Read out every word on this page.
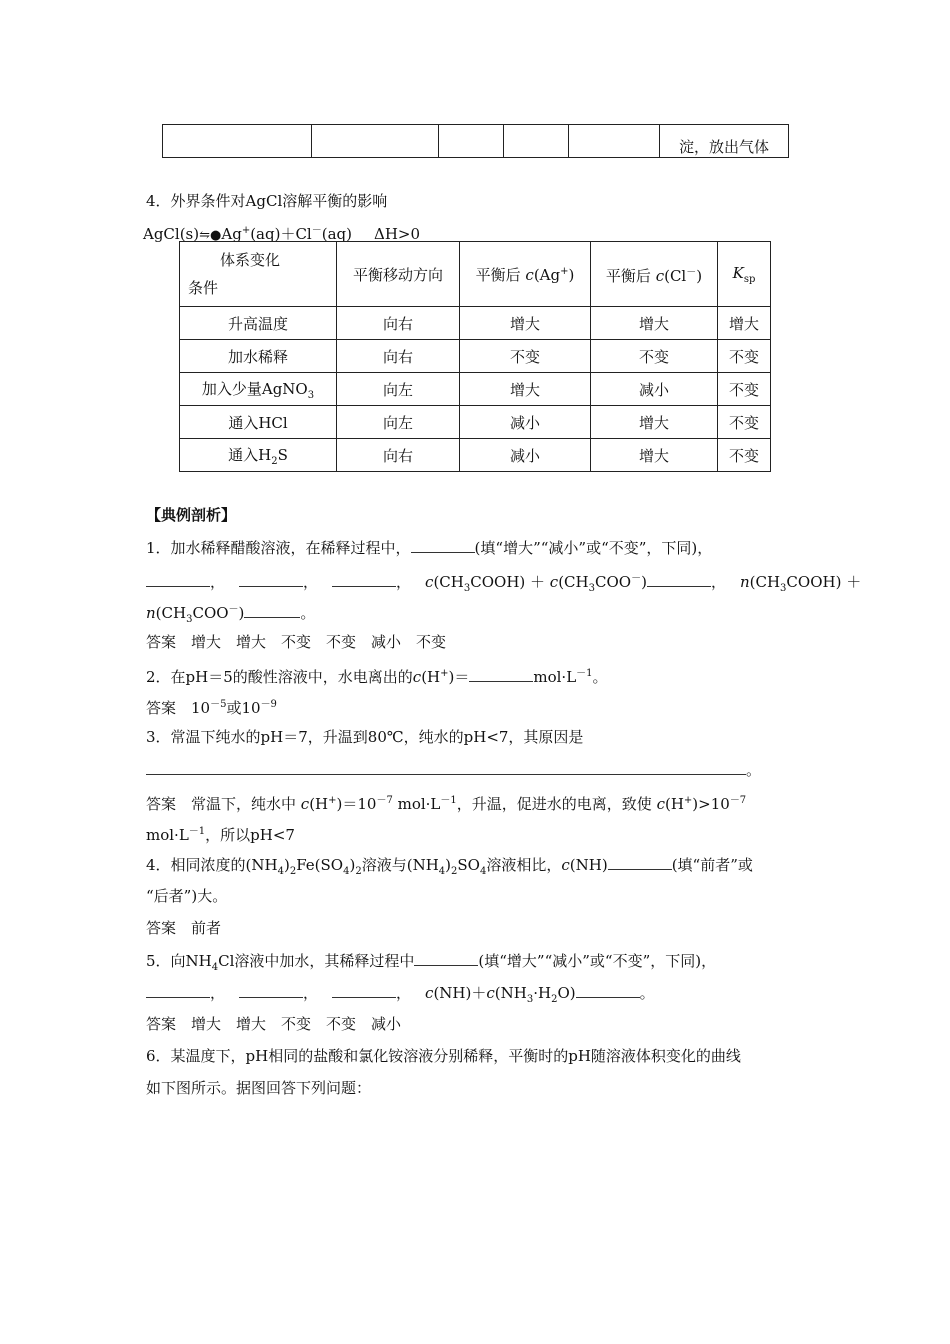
					淀，放出气体
4．外界条件对AgCl溶解平衡的影响
AgCl(s)⇋●Ag+(aq)＋Cl－(aq) ΔH>0
体系变化
条件	平衡移动方向	平衡后 c(Ag+)	平衡后 c(Cl－)	$K_{sp}$
升高温度	向右	增大	增大	增大
加水稀释	向右	不变	不变	不变
加入少量AgNO$_3$	向左	增大	减小	不变
通入HCl	向左	减小	增大	不变
通入$H_2S$	向右	减小	增大	不变
【典例剖析】
1．加水稀释醋酸溶液，在稀释过程中，	(填“增大”“减小”或“不变”，下同)，
，	，	， $c(CH_3COOH) + c(CH_3COO^-)$	， $n(CH_3COOH)$ ＋
$n(CH_3COO^-)$	。
答案　增大　增大　不变　不变　减小　不变
2．在pH＝5的酸性溶液中，水电离出的c(H+)＝	$mol\cdot L^{-1}$。
答案　$10^{-5}$或$10^{-9}$
3．常温下纯水的pH＝7，升温到80℃，纯水的pH<7，其原因是
。
答案　常温下，纯水中 $c(H^+)=10^{-7}$ $mol\cdot L^{-1}$，升温，促进水的电离，致使 $c(H^+)>10^{-7}$
$mol\cdot L^{-1}$，所以pH<7
4．相同浓度的$(NH_4)_2Fe(SO_4)_2$溶液与$(NH_4)_2SO_4$溶液相比，c(NH)	(填“前者”或
“后者”)大。
答案　前者
5．向$NH_4Cl$溶液中加水，其稀释过程中	(填“增大”“减小”或“不变”，下同)，
，	，	， $c(NH)+c(NH_3\cdot H_2O)$	。
答案　增大　增大　不变　不变　减小
6．某温度下，pH相同的盐酸和氯化铵溶液分别稀释，平衡时的pH随溶液体积变化的曲线
如下图所示。据图回答下列问题：
